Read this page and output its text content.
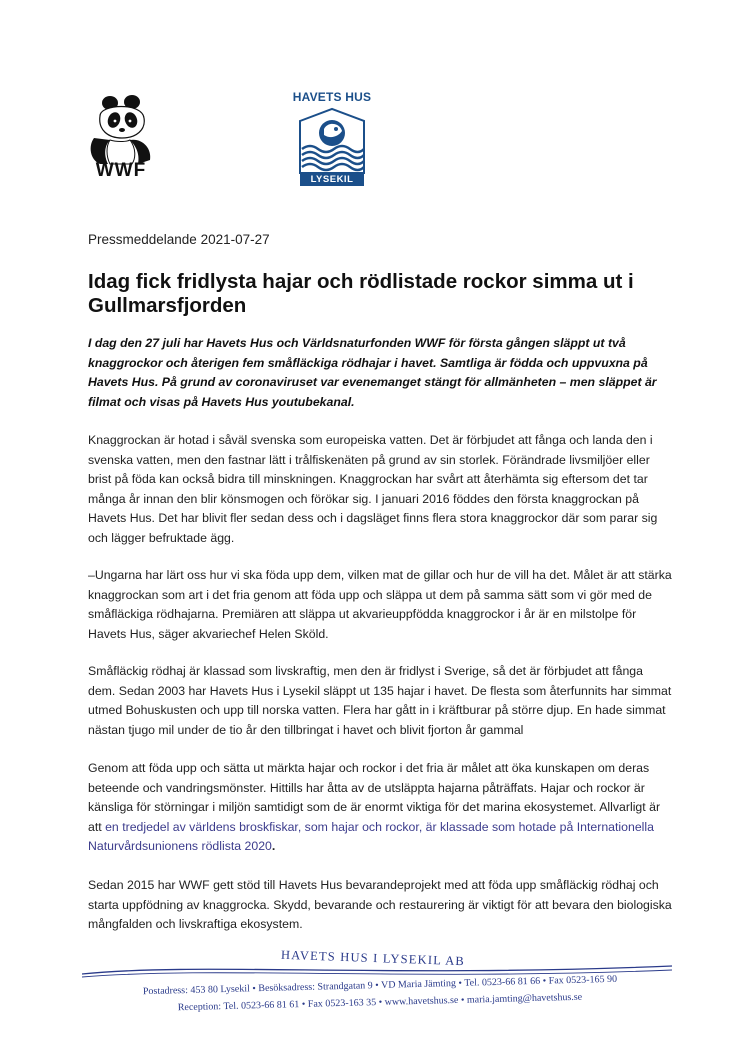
WWF
HAVETS HUS
LYSEKIL
Pressmeddelande 2021-07-27
Idag fick fridlysta hajar och rödlistade rockor simma ut i Gullmarsfjorden
I dag den 27 juli har Havets Hus och Världsnaturfonden WWF för första gången släppt ut två knaggrockor och återigen fem småfläckiga rödhajar i havet. Samtliga är födda och uppvuxna på Havets Hus. På grund av coronaviruset var evenemanget stängt för allmänheten – men släppet är filmat och visas på Havets Hus youtubekanal.
Knaggrockan är hotad i såväl svenska som europeiska vatten. Det är förbjudet att fånga och landa den i svenska vatten, men den fastnar lätt i trålfiskenäten på grund av sin storlek. Förändrade livsmiljöer eller brist på föda kan också bidra till minskningen. Knaggrockan har svårt att återhämta sig eftersom det tar många år innan den blir könsmogen och förökar sig. I januari 2016 föddes den första knaggrockan på Havets Hus. Det har blivit fler sedan dess och i dagsläget finns flera stora knaggrockor där som parar sig och lägger befruktade ägg.
–Ungarna har lärt oss hur vi ska föda upp dem, vilken mat de gillar och hur de vill ha det. Målet är att stärka knaggrockan som art i det fria genom att föda upp och släppa ut dem på samma sätt som vi gör med de småfläckiga rödhajarna. Premiären att släppa ut akvarieuppfödda knaggrockor i år är en milstolpe för Havets Hus, säger akvariechef Helen Sköld.
Småfläckig rödhaj är klassad som livskraftig, men den är fridlyst i Sverige, så det är förbjudet att fånga dem. Sedan 2003 har Havets Hus i Lysekil släppt ut 135 hajar i havet. De flesta som återfunnits har simmat utmed Bohuskusten och upp till norska vatten. Flera har gått in i kräftburar på större djup. En hade simmat nästan tjugo mil under de tio år den tillbringat i havet och blivit fjorton år gammal
Genom att föda upp och sätta ut märkta hajar och rockor i det fria är målet att öka kunskapen om deras beteende och vandringsmönster. Hittills har åtta av de utsläppta hajarna påträffats. Hajar och rockor är känsliga för störningar i miljön samtidigt som de är enormt viktiga för det marina ekosystemet. Allvarligt är att en tredjedel av världens broskfiskar, som hajar och rockor, är klassade som hotade på Internationella Naturvårdsunionens rödlista 2020.
Sedan 2015 har WWF gett stöd till Havets Hus bevarandeprojekt med att föda upp småfläckig rödhaj och starta uppfödning av knaggrocka. Skydd, bevarande och restaurering är viktigt för att bevara den biologiska mångfalden och livskraftiga ekosystem.
HAVETS HUS I LYSEKIL AB
Postadress: 453 80 Lysekil • Besöksadress: Strandgatan 9 • VD Maria Jämting • Tel. 0523-66 81 66 • Fax 0523-165 90
Reception: Tel. 0523-66 81 61 • Fax 0523-163 35 • www.havetshus.se • maria.jamting@havetshus.se
